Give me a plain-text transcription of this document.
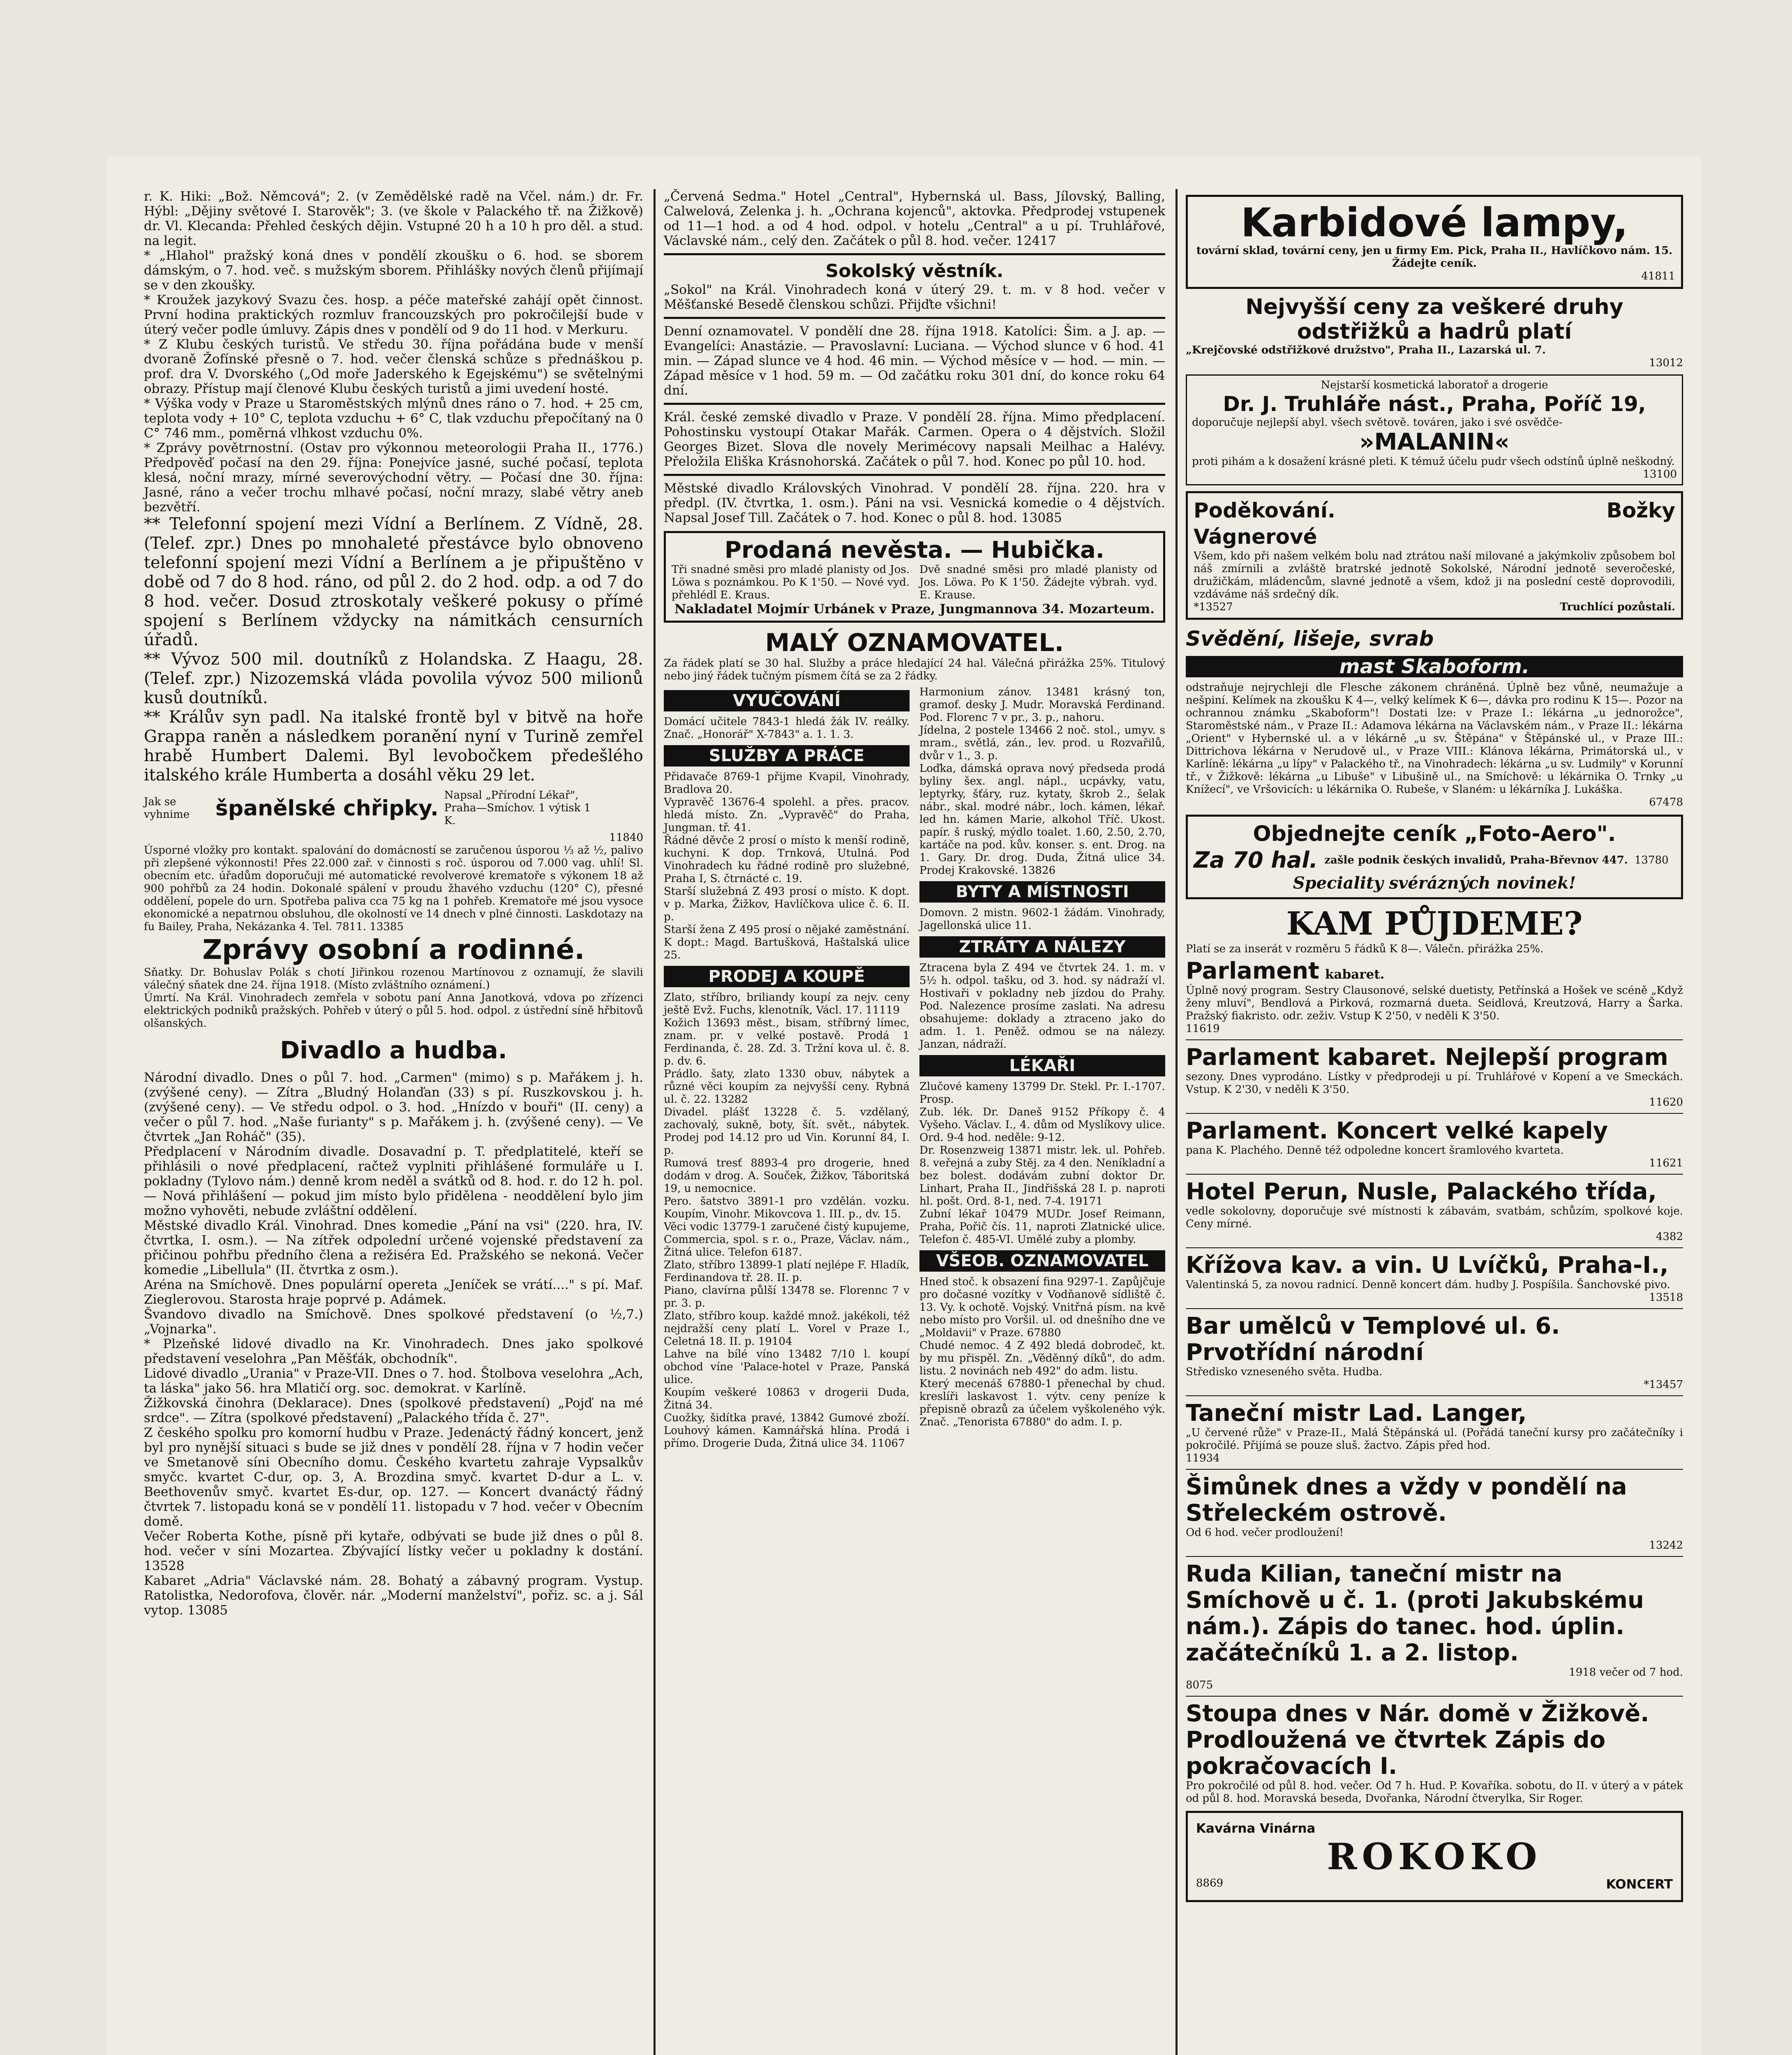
r. K. Hiki: „Bož. Němcová"; 2. (v Zemědělské radě na Včel. nám.) dr. Fr. Hýbl: „Dějiny světové I. Starověk"; 3. (ve škole v Palackého tř. na Žižkově) dr. Vl. Klecanda: Přehled českých dějin. Vstupné 20 h a 10 h pro děl. a stud. na legit.

* „Hlahol" pražský koná dnes v pondělí zkoušku o 6. hod. se sborem dámským, o 7. hod. več. s mužským sborem. Přihlášky nových členů přijímají se v den zkoušky.

* Kroužek jazykový Svazu čes. hosp. a péče mateřské zahájí opět činnost. První hodina praktických rozmluv francouzských pro pokročilejší bude v úterý večer podle úmluvy. Zápis dnes v pondělí od 9 do 11 hod. v Merkuru.

* Z Klubu českých turistů. Ve středu 30. října pořádána bude v menší dvoraně Žofínské přesně o 7. hod. večer členská schůze s přednáškou p. prof. dra V. Dvorského („Od moře Jaderského k Egejskému") se světelnými obrazy. Přístup mají členové Klubu českých turistů a jimi uvedení hosté.

* Výška vody v Praze u Staroměstských mlýnů dnes ráno o 7. hod. + 25 cm, teplota vody + 10° C, teplota vzduchu + 6° C, tlak vzduchu přepočítaný na 0 C° 746 mm., poměrná vlhkost vzduchu 0%.

* Zprávy povětrnostní. (Ostav pro výkonnou meteorologii Praha II., 1776.) Předpověď počasí na den 29. října: Ponejvíce jasné, suché počasí, teplota klesá, noční mrazy, mírné severovýchodní větry. — Počasí dne 30. října: Jasné, ráno a večer trochu mlhavé počasí, noční mrazy, slabé větry aneb bezvětří.

** Telefonní spojení mezi Vídní a Berlínem. Z Vídně, 28. (Telef. zpr.) Dnes po mnohaleté přestávce bylo obnoveno telefonní spojení mezi Vídní a Berlínem a je připuštěno v době od 7 do 8 hod. ráno, od půl 2. do 2 hod. odp. a od 7 do 8 hod. večer. Dosud ztroskotaly veškeré pokusy o přímé spojení s Berlínem vždycky na námitkách censurních úřadů.

** Vývoz 500 mil. doutníků z Holandska. Z Haagu, 28. (Telef. zpr.) Nizozemská vláda povolila vývoz 500 milionů kusů doutníků.

** Králův syn padl. Na italské frontě byl v bitvě na hoře Grappa raněn a následkem poranění nyní v Turině zemřel hrabě Humbert Dalemi. Byl levobočkem předešlého italského krále Humberta a dosáhl věku 29 let.

Jak se vyhnime	španělské chřipky.
Napsal „Přírodní Lékař", Praha—Smíchov. 1 výtisk 1 K.

11840

Úsporné vložky pro kontakt. spalování do domácností se zaručenou úsporou ⅓ až ½, palivo při zlepšené výkonnosti! Přes 22.000 zař. v činnosti s roč. úsporou od 7.000 vag. uhlí! Sl. obecním etc. úřadům doporučuji mé automatické revolverové krematoře s výkonem 18 až 900 pohřbů za 24 hodin. Dokonalé spálení v proudu žhavého vzduchu (120° C), přesné oddělení, popele do urn. Spotřeba paliva cca 75 kg na 1 pohřeb. Krematoře mé jsou vysoce ekonomické a nepatrnou obsluhou, dle okolností ve 14 dnech v plné činnosti. Laskdotazy na fu Bailey, Praha, Nekázanka 4. Tel. 7811. 13385

Zprávy osobní a rodinné.

Sňatky. Dr. Bohuslav Polák s chotí Jiřinkou rozenou Martínovou z oznamují, že slavili válečný sňatek dne 24. října 1918. (Místo zvláštního oznámení.)

Úmrtí. Na Král. Vinohradech zemřela v sobotu paní Anna Janotková, vdova po zřízenci elektrických podniků pražských. Pohřeb v úterý o půl 5. hod. odpol. z ústřední síně hřbitovů olšanských.

Divadlo a hudba.

Národní divadlo. Dnes o půl 7. hod. „Carmen" (mimo) s p. Mařákem j. h. (zvýšené ceny). — Zítra „Bludný Holanďan (33) s pí. Ruszkovskou j. h. (zvýšené ceny). — Ve středu odpol. o 3. hod. „Hnízdo v bouři" (II. ceny) a večer o půl 7. hod. „Naše furianty" s p. Mařákem j. h. (zvýšené ceny). — Ve čtvrtek „Jan Roháč" (35).

Předplacení v Národním divadle. Dosavadní p. T. předplatitelé, kteří se přihlásili o nové předplacení, račtež vyplniti přihlášené formuláře u I. pokladny (Tylovo nám.) denně krom neděl a svátků od 8. hod. r. do 12 h. pol. — Nová přihlášení — pokud jim místo bylo přidělena - neoddělení bylo jim možno vyhověti, nebude zvláštní oddělení.

Městské divadlo Král. Vinohrad. Dnes komedie „Pání na vsi" (220. hra, IV. čtvrtka, I. osm.). — Na zítřek odpolední určené vojenské představení za přičinou pohřbu předního člena a režiséra Ed. Pražského se nekoná. Večer komedie „Libellula" (II. čtvrtka z osm.).

Aréna na Smíchově. Dnes populární opereta „Jeníček se vrátí...." s pí. Maf. Zieglerovou. Starosta hraje poprvé p. Adámek.

Švandovo divadlo na Smíchově. Dnes spolkové představení (o ½,7.) „Vojnarka".

* Plzeňské lidové divadlo na Kr. Vinohradech. Dnes jako spolkové představení veselohra „Pan Měšťák, obchodník".

Lidové divadlo „Urania" v Praze-VII. Dnes o 7. hod. Štolbova veselohra „Ach, ta láska" jako 56. hra Mlatičí org. soc. demokrat. v Karlíně.

Žižkovská činohra (Deklarace). Dnes (spolkové představení) „Pojď na mé srdce". — Zítra (spolkové představení) „Palackého třída č. 27".

Z českého spolku pro komorní hudbu v Praze. Jedenáctý řádný koncert, jenž byl pro nynější situaci s bude se již dnes v pondělí 28. října v 7 hodin večer ve Smetanově síni Obecního domu. Českého kvartetu zahraje Vypsalkův smyčc. kvartet C-dur, op. 3, A. Brozdina smyč. kvartet D-dur a L. v. Beethovenův smyč. kvartet Es-dur, op. 127. — Koncert dvanáctý řádný čtvrtek 7. listopadu koná se v pondělí 11. listopadu v 7 hod. večer v Obecním domě.

Večer Roberta Kothe, písně při kytaře, odbývati se bude již dnes o půl 8. hod. večer v síni Mozarteа. Zbývající lístky večer u pokladny k dostání. 13528

Kabaret „Adria" Václavské nám. 28. Bohatý a zábavný program. Vystup. Ratolistka, Nedorofova, člověr. nár. „Moderní manželství", pořiz. sc. a j. Sál vytop. 13085

„Červená Sedma." Hotel „Central", Hybernská ul. Bass, Jílovský, Balling, Calwelová, Zelenka j. h. „Ochrana kojenců", aktovka. Předprodej vstupenek od 11—1 hod. a od 4 hod. odpol. v hotelu „Central" a u pí. Truhlářové, Václavské nám., celý den. Začátek o půl 8. hod. večer. 12417

Sokolský věstník.

„Sokol" na Král. Vinohradech koná v úterý 29. t. m. v 8 hod. večer v Měšťanské Besedě členskou schůzi. Přijďte všichni!

Denní oznamovatel. V pondělí dne 28. října 1918. Katolíci: Šim. a J. ap. — Evangelíci: Anastázie. — Pravoslavní: Luciana. — Východ slunce v 6 hod. 41 min. — Západ slunce ve 4 hod. 46 min. — Východ měsíce v — hod. — min. — Západ měsíce v 1 hod. 59 m. — Od začátku roku 301 dní, do konce roku 64 dní.

Král. české zemské divadlo v Praze. V pondělí 28. října. Mimo předplacení. Pohostinsku vystoupí Otakar Mařák. Carmen. Opera o 4 dějstvích. Složil Georges Bizet. Slova dle novely Merimécovy napsali Meilhac a Halévy. Přeložila Eliška Krásnohorská. Začátek o půl 7. hod. Konec po půl 10. hod.

Městské divadlo Královských Vinohrad. V pondělí 28. října. 220. hra v předpl. (IV. čtvrtka, 1. osm.). Páni na vsi. Vesnická komedie o 4 dějstvích. Napsal Josef Till. Začátek o 7. hod. Konec o půl 8. hod. 13085

Prodaná nevěsta. — Hubička.

Tři snadné směsi pro mladé planisty od Jos. Löwa s poznámkou. Po K 1'50. — Nové vyd. přehlédl E. Kraus.

Dvě snadné směsi pro mladé planisty od Jos. Löwa. Po K 1'50. Žádejte výbrah. vyd. E. Krause.

Nakladatel Mojmír Urbánek v Praze, Jungmannova 34. Mozarteum.

MALÝ OZNAMOVATEL.

Za řádek platí se 30 hal. Služby a práce hledající 24 hal. Válečná přirážka 25%. Titulový nebo jiný řádek tučným písmem čítá se za 2 řádky.

VYUČOVÁNÍ

Domácí učitele 7843-1 hledá žák IV. reálky. Znač. „Honorář" X-7843" a. 1. 1. 3.

SLUŽBY A PRÁCE

Přidavače 8769-1 přijme Kvapil, Vinohrady, Bradlova 20.

Vypravěč 13676-4 spolehl. a přes. pracov. hledá místo. Zn. „Vypravěč" do Praha, Jungman. tř. 41.

Řádné děvče 2 prosí o místo k menší rodině, kuchyni. K dop. Trnková, Utulná. Pod Vinohradech ku řádné rodině pro služebné, Praha I, S. čtrnácté c. 19.

Starší služebná Z 493 prosí o místo. K dopt. v p. Marka, Žižkov, Havlíčkova ulice č. 6. II. p.

Starší žena Z 495 prosí o nějaké zaměstnání. K dopt.: Magd. Bartušková, Haštalská ulice 25.

PRODEJ A KOUPĚ

Zlato, stříbro, briliandy koupí za nejv. ceny ještě Evž. Fuchs, klenotník, Václ. 17. 11119

Kožich 13693 měst., bisam, stříbrný límec, znam. pr. v velké postavě. Prodá 1 Ferdinanda, č. 28. Zd. 3. Tržní kova ul. č. 8. p. dv. 6.

Prádlo. šaty, zlato 1330 obuv, nábytek a různé věci koupím za nejvyšší ceny. Rybná ul. č. 22. 13282

Divadel. plášť 13228 č. 5. vzdělaný, zachovalý, sukně, boty, šít. svět., nábytek. Prodej pod 14.12 pro ud Vin. Korunní 84, I. p.

Rumová tresť 8893-4 pro drogerie, hned dodám v drog. A. Souček, Žižkov, Táboritská 19, u nemocnice.

Pero. šatstvo 3891-1 pro vzdělán. vozku. Koupím, Vinohr. Mikovcova 1. III. p., dv. 15.

Věci vodic 13779-1 zaručené čistý kupujeme, Commercia, spol. s r. o., Praze, Václav. nám., Žitná ulice. Telefon 6187.

Zlato, stříbro 13899-1 platí nejlépe F. Hladík, Ferdinandova tř. 28. II. p.

Piano, clavírna půlší 13478 se. Florennc 7 v pr. 3. p.

Zlato, stříbro koup. každé množ. jakékoli, též nejdražší ceny platí L. Vorel v Praze I., Celetná 18. II. p. 19104

Lahve na bílé víno 13482 7/10 l. koupí obchod víne 'Palace-hotel v Praze, Panská ulice.

Koupím veškeré 10863 v drogerii Duda, Žitná 34.

Cuožky, šidítka pravé, 13842 Gumové zboží. Louhový kámen. Kamnářská hlína. Prodá i přímo. Drogerie Duda, Žitná ulice 34. 11067

Harmonium zánov. 13481 krásný ton, gramof. desky J. Mudr. Moravská Ferdinand. Pod. Florenc 7 v pr., 3. p., nahoru.

Jídelna, 2 postele 13466 2 noč. stol., umyv. s mram., světlá, zán., lev. prod. u Rozvařilů, dvůr v 1., 3. p.

Loďka, dámská oprava nový předseda prodá byliny šex. angl. nápl., ucpávky, vatu, leptyrky, šťáry, ruz. kytaty, škrob 2., šelak nábr., skal. modré nábr., loch. kámen, lékař. led hn. kámen Marie, alkohol Tříč. Ukost. papír. š ruský, mýdlo toalet. 1.60, 2.50, 2.70, kartáče na pod. kův. konser. s. ent. Drog. na 1. Gary. Dr. drog. Duda, Žitná ulice 34. Prodej Krakovské. 13826

BYTY A MÍSTNOSTI

Domovn. 2 mistn. 9602-1 žádám. Vinohrady, Jagellonská ulice 11.

ZTRÁTY A NÁLEZY

Ztracena byla Z 494 ve čtvrtek 24. 1. m. v 5½ h. odpol. tašku, od 3. hod. sy nádraží vl. Hostivaři v pokladny neb jízdou do Prahy. Pod. Nalezence prosíme zaslati. Na adresu obsahujeme: doklady a ztraceno jako do adm. 1. 1. Peněž. odmou se na nálezy. Janzan, nádraží.

LÉKAŘI

Zlučové kameny 13799 Dr. Stekl. Pr. I.-1707. Prosp.

Zub. lék. Dr. Daneš 9152 Příkopy č. 4 Vyšeho. Václav. I., 4. dům od Myslíkovy ulice. Ord. 9-4 hod. neděle: 9-12.

Dr. Rosenzweig 13871 mistr. lek. ul. Pohřeb. 8. veřejná a zuby Stěj. za 4 den. Neníkladní a bez bolest. dodávám zubní doktor Dr. Linhart, Praha II., Jindřišská 28 I. p. naproti hl. pošt. Ord. 8-1, ned. 7-4. 19171

Zubní lékař 10479 MUDr. Josef Reimann, Praha, Pořič čís. 11, naproti Zlatnické ulice. Telefon č. 485-VI. Umělé zuby a plomby.

VŠEOB. OZNAMOVATEL

Hned stoč. k obsazení fina 9297-1. Zapůjčuje pro dočasné vozítky v Vodňanově sídliště č. 13. Vy. k ochotě. Vojský. Vnitřná písm. na kvě nebo místo pro Voršil. ul. od dnešního dne ve „Moldavii" v Praze. 67880

Chudé nemoc. 4 Z 492 bledá dobrodeč, kt. by mu přispěl. Zn. „Věděnný díků", do adm. listu. 2 novinách neb 492" do adm. listu.

Který mecenáš 67880-1 přenechal by chud. kreslíři laskavost 1. výtv. ceny peníze k přepisně obrazů za účelem vyškoleného výk. Znač. „Tenorista 67880" do adm. I. p.

Karbidové lampy,

tovární sklad, tovární ceny, jen u firmy Em. Pick, Praha II., Havlíčkovo nám. 15. Žádejte ceník.

41811

Nejvyšší ceny za veškeré druhy odstřižků a hadrů platí

„Krejčovské odstřižkové družstvo", Praha II., Lazarská ul. 7.

13012

Nejstarší kosmetická laboratoř a drogerie

Dr. J. Truhláře nást., Praha, Poříč 19,

doporučuje nejlepší abyl. všech světově. továren, jako i své osvědče-

»MALANIN«

proti pihám a k dosažení krásné pleti. K témuž účelu pudr všech odstínů úplně neškodný.

13100

Poděkování.	Božky
Vágnerové

Všem, kdo při našem velkém bolu nad ztrátou naší milované a jakýmkoliv způsobem bol náš zmírnili a zvláště bratrské jednotě Sokolské, Národní jednotě severočeské, družičkám, mládencům, slavné jednotě a všem, kdož ji na poslední cestě doprovodili, vzdáváme náš srdečný dík.

*13527	Truchlící pozůstalí.
Svědění, lišeje, svrab
mast Skaboform.

odstraňuje nejrychleji dle Flesche zákonem chráněná. Úplně bez vůně, neumažuje a nešpiní. Kelímek na zkoušku K 4—, velký kelímek K 6—, dávka pro rodinu K 15—. Pozor na ochrannou známku „Skaboform"! Dostati lze: v Praze I.: lékárna „u jednorožce", Staroměstské nám., v Praze II.: Adamova lékárna na Václavském nám., v Praze II.: lékárna „Orient" v Hybernské ul. a v lékárně „u sv. Štěpána" v Štěpánské ul., v Praze III.: Dittrichova lékárna v Nerudově ul., v Praze VIII.: Klánova lékárna, Primátorská ul., v Karlíně: lékárna „u lípy" v Palackého tř., na Vinohradech: lékárna „u sv. Ludmily" v Korunní tř., v Žižkově: lékárna „u Libuše" v Libušině ul., na Smíchově: u lékárnika O. Trnky „u Knížecí", ve Vršovicích: u lékárnika O. Rubeše, v Slaném: u lékárníka J. Lukáška.

67478

Objednejte ceník „Foto-Aero".
Za 70 hal. zašle podnik českých invalidů, Praha-Břevnov 447. 13780

Speciality svérázných novinek!

KAM PŮJDEME?

Platí se za inserát v rozměru 5 řádků K 8—. Válečn. přirážka 25%.

Parlament kabaret.

Úplně nový program. Sestry Clausonové, selské duetisty, Petřínská a Hošek ve scéně „Když ženy mluví", Bendlová a Pirková, rozmarná dueta. Seidlová, Kreutzová, Harry a Šarka. Pražský fiakristo. odr. zeživ. Vstup K 2'50, v neděli K 3'50.

11619

Parlament kabaret. Nejlepší program

sezony. Dnes vyprodáno. Lístky v předprodeji u pí. Truhlářové v Kopení a ve Smeckách. Vstup. K 2'30, v neděli K 3'50.

11620

Parlament. Koncert velké kapely

pana K. Plachého. Denně též odpoledne koncert šramlového kvarteta.

11621

Hotel Perun, Nusle, Palackého třída,

vedle sokolovny, doporučuje své místnosti k zábavám, svatbám, schůzím, spolkové koje. Ceny mírné.

4382

Křížova kav. a vin. U Lvíčků, Praha-I.,

Valentinská 5, za novou radnicí. Denně koncert dám. hudby J. Pospíšila. Šanchovské pivo.

13518

Bar umělců v Templové ul. 6.
Prvotřídní národní

Středisko vzneseného světa. Hudba.

*13457

Taneční mistr Lad. Langer,

„U červené růže" v Praze-II., Malá Štěpánská ul. (Pořádá taneční kursy pro začátečníky i pokročilé. Přijímá se pouze sluš. žactvo. Zápis před hod.

11934

Šimůnek dnes a vždy v pondělí na Střeleckém ostrově.

Od 6 hod. večer prodloužení!

13242

Ruda Kilian, taneční mistr na Smíchově u č. 1. (proti Jakubskému nám.). Zápis do tanec. hod. úplin. začátečníků 1. a 2. listop.

1918 večer od 7 hod.

8075

Stoupa dnes v Nár. domě v Žižkově. Prodloužená ve čtvrtek Zápis do pokračovacích I.

Pro pokročilé od půl 8. hod. večer. Od 7 h. Hud. P. Kovaříka. sobotu, do II. v úterý a v pátek od půl 8. hod. Moravská beseda, Dvořanka, Národní čtverylka, Sir Roger.

Kavárna Vinárna

ROKOKO
8869	KONCERT
